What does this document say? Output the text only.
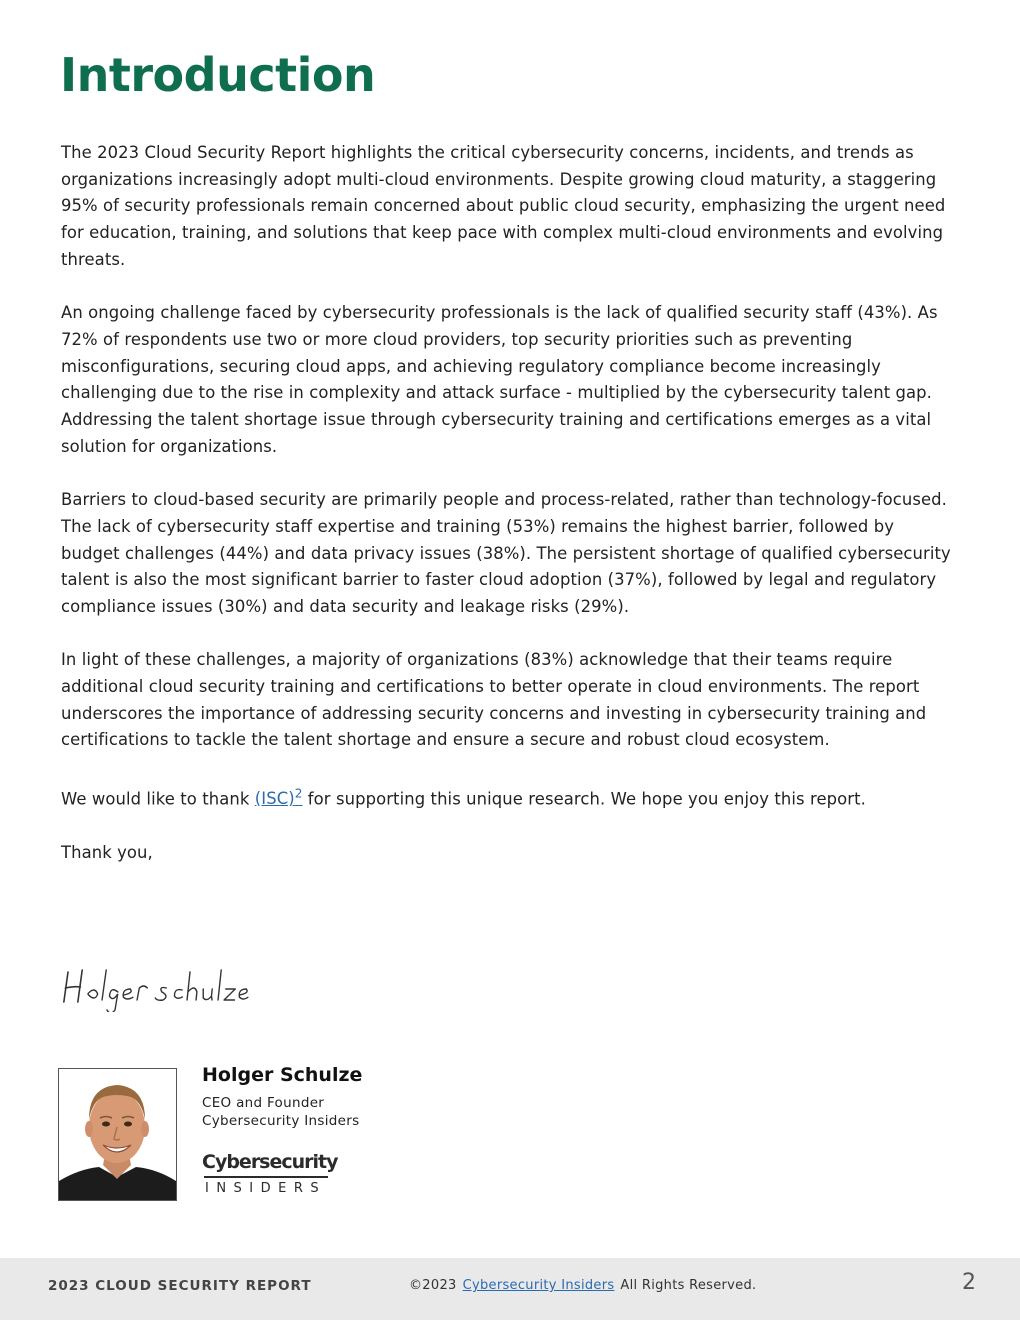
Introduction

The 2023 Cloud Security Report highlights the critical cybersecurity concerns, incidents, and trends as organizations increasingly adopt multi-cloud environments. Despite growing cloud maturity, a staggering 95% of security professionals remain concerned about public cloud security, emphasizing the urgent need for education, training, and solutions that keep pace with complex multi-cloud environments and evolving threats.

An ongoing challenge faced by cybersecurity professionals is the lack of qualified security staff (43%). As 72% of respondents use two or more cloud providers, top security priorities such as preventing misconfigurations, securing cloud apps, and achieving regulatory compliance become increasingly challenging due to the rise in complexity and attack surface - multiplied by the cybersecurity talent gap. Addressing the talent shortage issue through cybersecurity training and certifications emerges as a vital solution for organizations.

Barriers to cloud-based security are primarily people and process-related, rather than technology-focused. The lack of cybersecurity staff expertise and training (53%) remains the highest barrier, followed by budget challenges (44%) and data privacy issues (38%). The persistent shortage of qualified cybersecurity talent is also the most significant barrier to faster cloud adoption (37%), followed by legal and regulatory compliance issues (30%) and data security and leakage risks (29%).

In light of these challenges, a majority of organizations (83%) acknowledge that their teams require additional cloud security training and certifications to better operate in cloud environments. The report underscores the importance of addressing security concerns and investing in cybersecurity training and certifications to tackle the talent shortage and ensure a secure and robust cloud ecosystem.

We would like to thank (ISC)$^2$ for supporting this unique research. We hope you enjoy this report.

Thank you,

Holger Schulze
CEO and Founder
Cybersecurity Insiders
Cybersecurity
INSIDERS
2023 CLOUD SECURITY REPORT	©2023 Cybersecurity Insiders All Rights Reserved.	2
